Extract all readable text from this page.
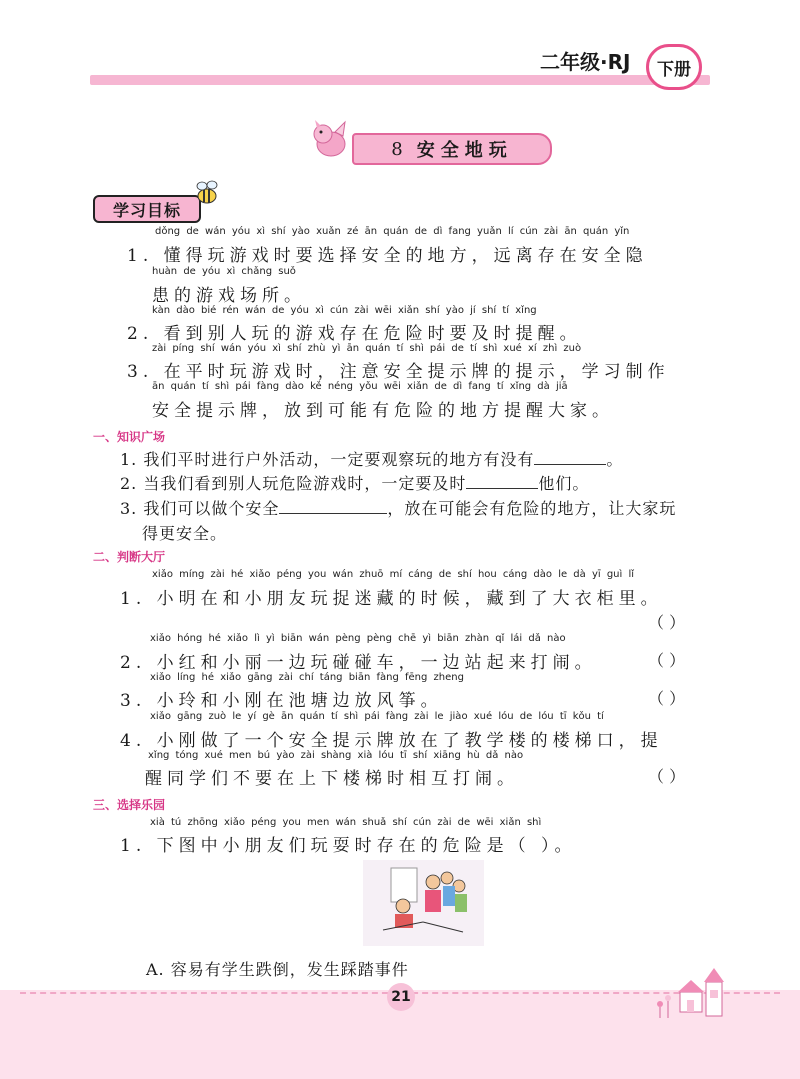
二年级·RJ	下册
8 安全地玩
学习目标
dǒng de wán yóu xì shí yào xuǎn zé ān quán de dì fang yuǎn lí cún zài ān quán yǐn
1. 懂得玩游戏时要选择安全的地方，远离存在安全隐
huàn de yóu xì chǎng suǒ
患的游戏场所。
kàn dào bié rén wán de yóu xì cún zài wēi xiǎn shí yào jí shí tí xǐng
2. 看到别人玩的游戏存在危险时要及时提醒。
zài píng shí wán yóu xì shí zhù yì ān quán tí shì pái de tí shì xué xí zhì zuò
3. 在平时玩游戏时，注意安全提示牌的提示，学习制作
ān quán tí shì pái fàng dào kě néng yǒu wēi xiǎn de dì fang tí xǐng dà jiā
安全提示牌，放到可能有危险的地方提醒大家。
一、知识广场
1. 我们平时进行户外活动，一定要观察玩的地方有没有	。
2. 当我们看到别人玩危险游戏时，一定要及时	他们。
3. 我们可以做个安全	，放在可能会有危险的地方，让大家玩
得更安全。
二、判断大厅
xiǎo míng zài hé xiǎo péng you wán zhuō mí cáng de shí hou cáng dào le dà yī guì lǐ
1. 小明在和小朋友玩捉迷藏的时候，藏到了大衣柜里。
（ ）
xiǎo hóng hé xiǎo lì yì biān wán pèng pèng chē yì biān zhàn qǐ lái dǎ nào
2. 小红和小丽一边玩碰碰车，一边站起来打闹。	（ ）
xiǎo líng hé xiǎo gāng zài chí táng biān fàng fēng zheng
3. 小玲和小刚在池塘边放风筝。	（ ）
xiǎo gāng zuò le yí gè ān quán tí shì pái fàng zài le jiào xué lóu de lóu tī kǒu tí
4. 小刚做了一个安全提示牌放在了教学楼的楼梯口，提
xǐng tóng xué men bú yào zài shàng xià lóu tī shí xiāng hù dǎ nào
醒同学们不要在上下楼梯时相互打闹。	（ ）
三、选择乐园
xià tú zhōng xiǎo péng you men wán shuǎ shí cún zài de wēi xiǎn shì
1. 下图中小朋友们玩耍时存在的危险是（ ）。
A. 容易有学生跌倒，发生踩踏事件
21
